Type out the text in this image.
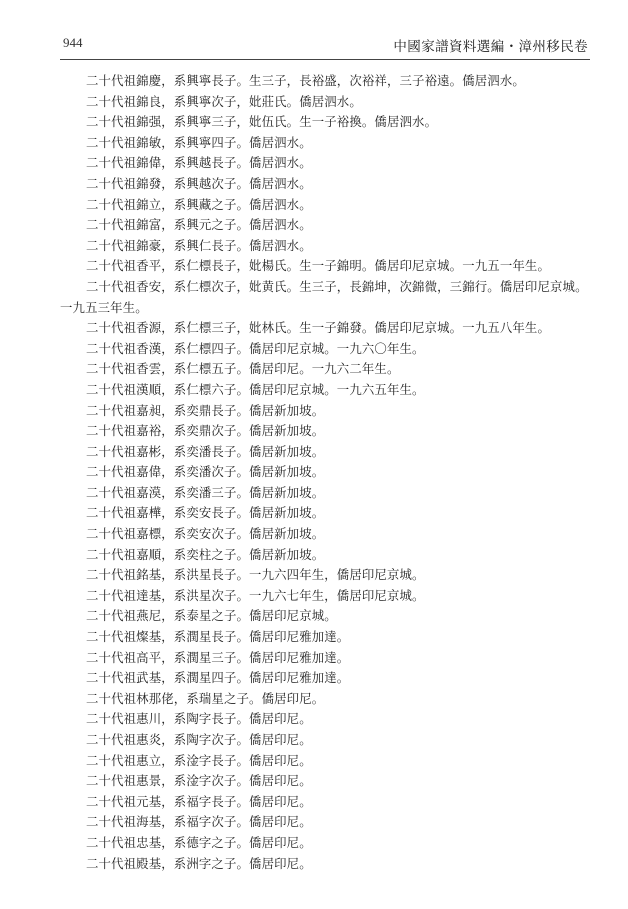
944	中國家譜資料選編・漳州移民卷

二十代祖錦慶，系興寧長子。生三子，長裕盛，次裕祥，三子裕遠。僑居泗水。

二十代祖錦良，系興寧次子，妣莊氏。僑居泗水。

二十代祖錦强，系興寧三子，妣伍氏。生一子裕換。僑居泗水。

二十代祖錦敏，系興寧四子。僑居泗水。

二十代祖錦偉，系興越長子。僑居泗水。

二十代祖錦發，系興越次子。僑居泗水。

二十代祖錦立，系興藏之子。僑居泗水。

二十代祖錦富，系興元之子。僑居泗水。

二十代祖錦豪，系興仁長子。僑居泗水。

二十代祖香平，系仁標長子，妣楊氏。生一子錦明。僑居印尼京城。一九五一年生。

二十代祖香安，系仁標次子，妣黄氏。生三子，長錦坤，次錦微，三錦行。僑居印尼京城。一九五三年生。

二十代祖香源，系仁標三子，妣林氏。生一子錦發。僑居印尼京城。一九五八年生。

二十代祖香漢，系仁標四子。僑居印尼京城。一九六〇年生。

二十代祖香雲，系仁標五子。僑居印尼。一九六二年生。

二十代祖漢順，系仁標六子。僑居印尼京城。一九六五年生。

二十代祖嘉昶，系奕鼎長子。僑居新加坡。

二十代祖嘉裕，系奕鼎次子。僑居新加坡。

二十代祖嘉彬，系奕潘長子。僑居新加坡。

二十代祖嘉偉，系奕潘次子。僑居新加坡。

二十代祖嘉漠，系奕潘三子。僑居新加坡。

二十代祖嘉樺，系奕安長子。僑居新加坡。

二十代祖嘉標，系奕安次子。僑居新加坡。

二十代祖嘉順，系奕柱之子。僑居新加坡。

二十代祖銘基，系洪星長子。一九六四年生，僑居印尼京城。

二十代祖達基，系洪星次子。一九六七年生，僑居印尼京城。

二十代祖燕尼，系泰星之子。僑居印尼京城。

二十代祖燦基，系潤星長子。僑居印尼雅加達。

二十代祖高平，系潤星三子。僑居印尼雅加達。

二十代祖武基，系潤星四子。僑居印尼雅加達。

二十代祖林那佬，系瑞星之子。僑居印尼。

二十代祖惠川，系陶字長子。僑居印尼。

二十代祖惠炎，系陶字次子。僑居印尼。

二十代祖惠立，系淦字長子。僑居印尼。

二十代祖惠景，系淦字次子。僑居印尼。

二十代祖元基，系福字長子。僑居印尼。

二十代祖海基，系福字次子。僑居印尼。

二十代祖忠基，系德字之子。僑居印尼。

二十代祖殿基，系洲字之子。僑居印尼。
